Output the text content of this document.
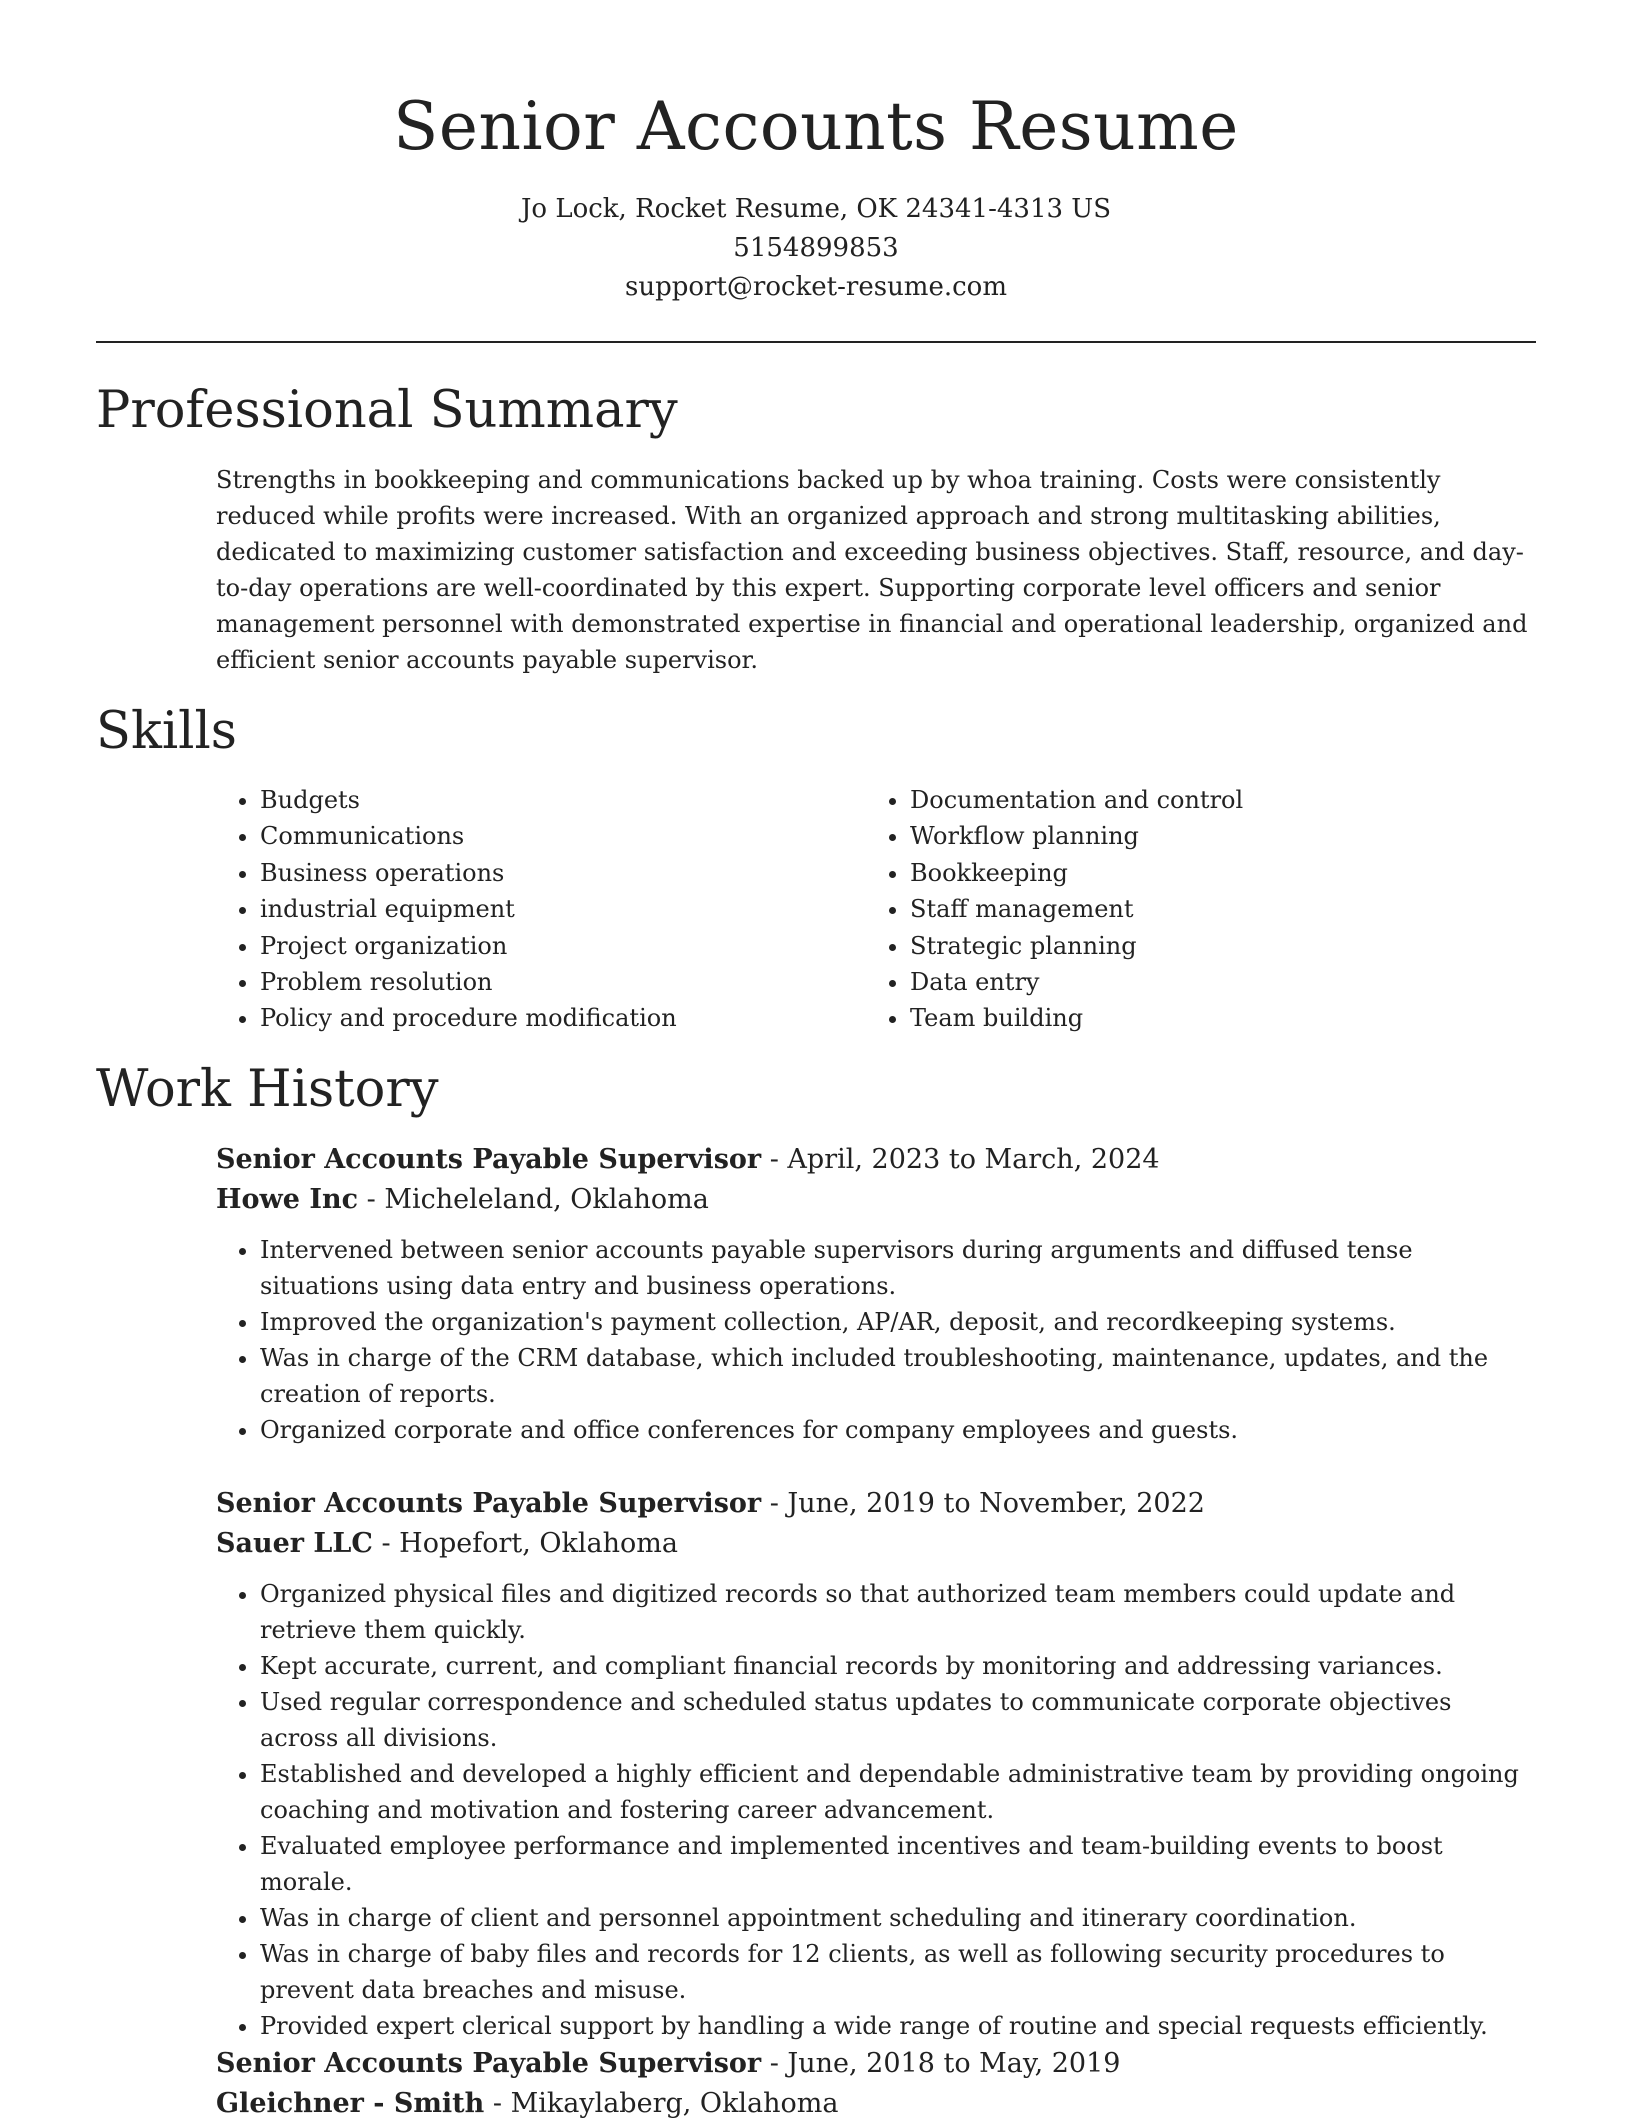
Senior Accounts Resume
Jo Lock, Rocket Resume, OK 24341-4313 US
5154899853
support@rocket-resume.com
Professional Summary

Strengths in bookkeeping and communications backed up by whoa training. Costs were consistently reduced while profits were increased. With an organized approach and strong multitasking abilities, dedicated to maximizing customer satisfaction and exceeding business objectives. Staff, resource, and day-to-day operations are well-coordinated by this expert. Supporting corporate level officers and senior management personnel with demonstrated expertise in financial and operational leadership, organized and efficient senior accounts payable supervisor.

Skills
• Budgets
• Communications
• Business operations
• industrial equipment
• Project organization
• Problem resolution
• Policy and procedure modification
• Documentation and control
• Workflow planning
• Bookkeeping
• Staff management
• Strategic planning
• Data entry
• Team building
Work History
Senior Accounts Payable Supervisor - April, 2023 to March, 2024
Howe Inc - Micheleland, Oklahoma
• Intervened between senior accounts payable supervisors during arguments and diffused tense situations using data entry and business operations.
• Improved the organization's payment collection, AP/AR, deposit, and recordkeeping systems.
• Was in charge of the CRM database, which included troubleshooting, maintenance, updates, and the creation of reports.
• Organized corporate and office conferences for company employees and guests.
Senior Accounts Payable Supervisor - June, 2019 to November, 2022
Sauer LLC - Hopefort, Oklahoma
• Organized physical files and digitized records so that authorized team members could update and retrieve them quickly.
• Kept accurate, current, and compliant financial records by monitoring and addressing variances.
• Used regular correspondence and scheduled status updates to communicate corporate objectives across all divisions.
• Established and developed a highly efficient and dependable administrative team by providing ongoing coaching and motivation and fostering career advancement.
• Evaluated employee performance and implemented incentives and team-building events to boost morale.
• Was in charge of client and personnel appointment scheduling and itinerary coordination.
• Was in charge of baby files and records for 12 clients, as well as following security procedures to prevent data breaches and misuse.
• Provided expert clerical support by handling a wide range of routine and special requests efficiently.
Senior Accounts Payable Supervisor - June, 2018 to May, 2019
Gleichner - Smith - Mikaylaberg, Oklahoma
